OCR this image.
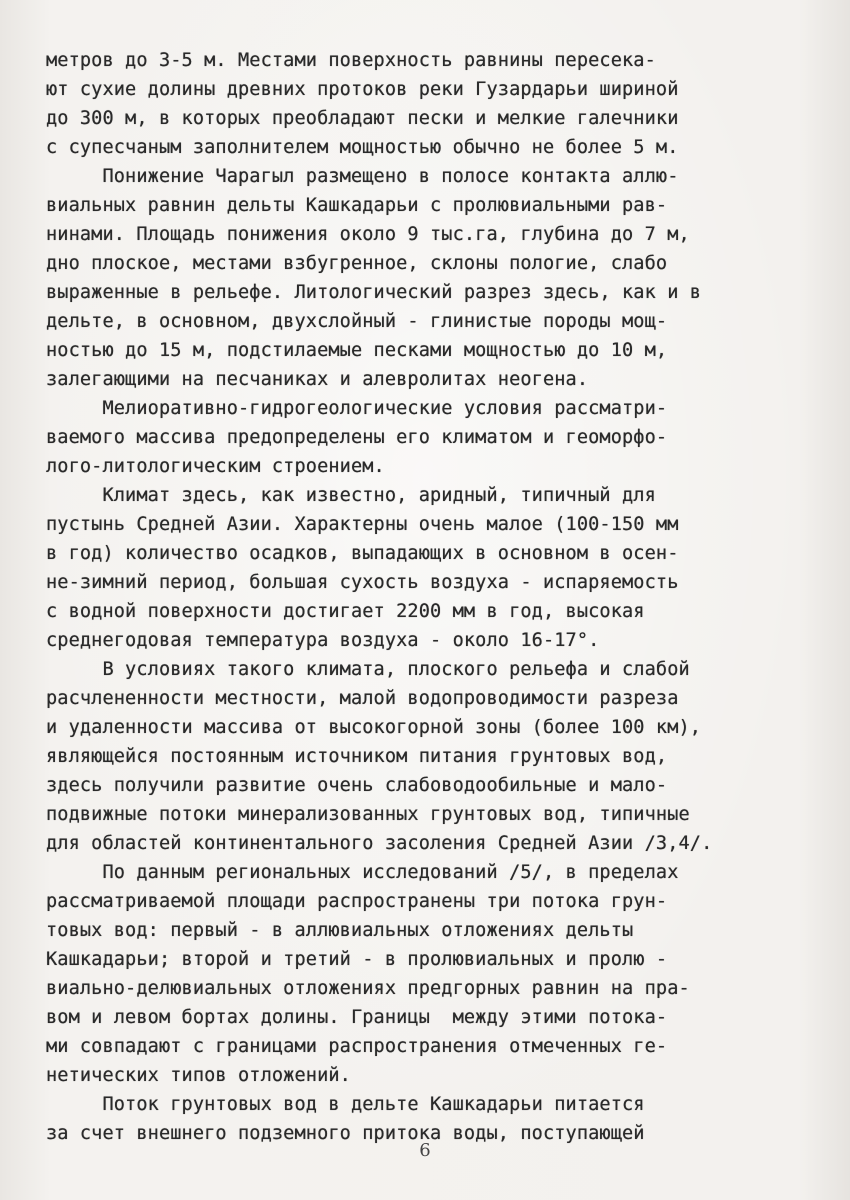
метров до 3-5 м. Местами поверхность равнины пересека-
ют сухие долины древних протоков реки Гузардарьи шириной
до 300 м, в которых преобладают пески и мелкие галечники
с супесчаным заполнителем мощностью обычно не более 5 м.
Понижение Чарагыл размещено в полосе контакта аллю-
виальных равнин дельты Кашкадарьи с пролювиальными рав-
нинами. Площадь понижения около 9 тыс.га, глубина до 7 м,
дно плоское, местами взбугренное, склоны пологие, слабо
выраженные в рельефе. Литологический разрез здесь, как и в
дельте, в основном, двухслойный - глинистые породы мощ-
ностью до 15 м, подстилаемые песками мощностью до 10 м,
залегающими на песчаниках и алевролитах неогена.
Мелиоративно-гидрогеологические условия рассматри-
ваемого массива предопределены его климатом и геоморфо-
лого-литологическим строением.
Климат здесь, как известно, аридный, типичный для
пустынь Средней Азии. Характерны очень малое (100-150 мм
в год) количество осадков, выпадающих в основном в осен-
не-зимний период, большая сухость воздуха - испаряемость
с водной поверхности достигает 2200 мм в год, высокая
среднегодовая температура воздуха - около 16-17°.
В условиях такого климата, плоского рельефа и слабой
расчлененности местности, малой водопроводимости разреза
и удаленности массива от высокогорной зоны (более 100 км),
являющейся постоянным источником питания грунтовых вод,
здесь получили развитие очень слабоводообильные и мало-
подвижные потоки минерализованных грунтовых вод, типичные
для областей континентального засоления Средней Азии /3,4/.
По данным региональных исследований /5/, в пределах
рассматриваемой площади распространены три потока грун-
товых вод: первый - в аллювиальных отложениях дельты
Кашкадарьи; второй и третий - в пролювиальных и пролю -
виально-делювиальных отложениях предгорных равнин на пра-
вом и левом бортах долины. Границы  между этими потока-
ми совпадают с границами распространения отмеченных ге-
нетических типов отложений.
Поток грунтовых вод в дельте Кашкадарьи питается
за счет внешнего подземного притока воды, поступающей
6
